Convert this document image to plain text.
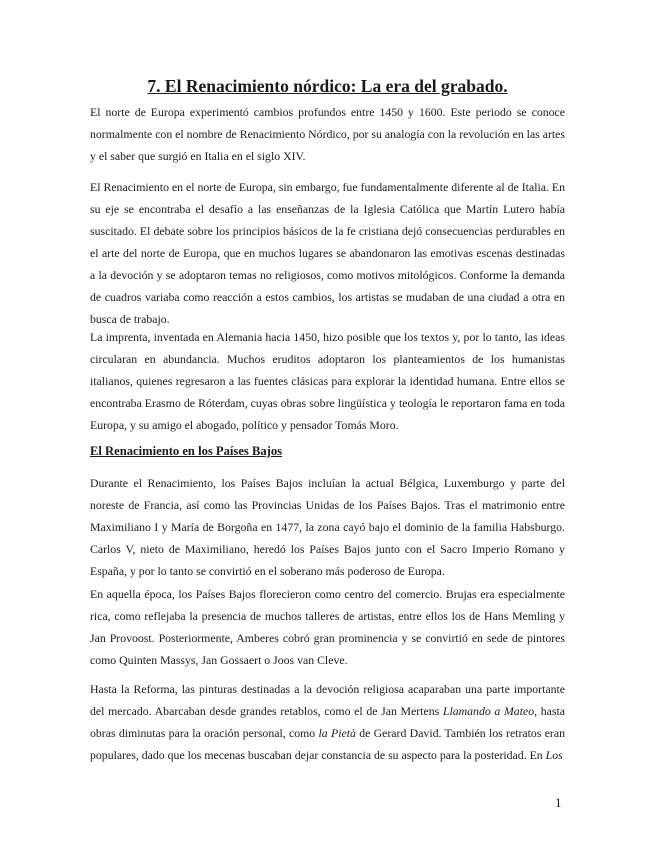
7. El Renacimiento nórdico: La era del grabado.

El norte de Europa experimentó cambios profundos entre 1450 y 1600. Este periodo se conoce normalmente con el nombre de Renacimiento Nórdico, por su analogía con la revolución en las artes y el saber que surgió en Italia en el siglo XIV.

El Renacimiento en el norte de Europa, sin embargo, fue fundamentalmente diferente al de Italia. En su eje se encontraba el desafío a las enseñanzas de la Iglesia Católica que Martín Lutero había suscitado. El debate sobre los principios básicos de la fe cristiana dejó consecuencias perdurables en el arte del norte de Europa, que en muchos lugares se abandonaron las emotivas escenas destinadas a la devoción y se adoptaron temas no religiosos, como motivos mitológicos. Conforme la demanda de cuadros variaba como reacción a estos cambios, los artistas se mudaban de una ciudad a otra en busca de trabajo.

La imprenta, inventada en Alemania hacia 1450, hizo posible que los textos y, por lo tanto, las ideas circularan en abundancia. Muchos eruditos adoptaron los planteamientos de los humanistas italianos, quienes regresaron a las fuentes clásicas para explorar la identidad humana. Entre ellos se encontraba Erasmo de Róterdam, cuyas obras sobre lingüística y teología le reportaron fama en toda Europa, y su amigo el abogado, político y pensador Tomás Moro.

El Renacimiento en los Países Bajos

Durante el Renacimiento, los Países Bajos incluían la actual Bélgica, Luxemburgo y parte del noreste de Francia, así como las Provincias Unidas de los Países Bajos. Tras el matrimonio entre Maximiliano I y María de Borgoña en 1477, la zona cayó bajo el dominio de la familia Habsburgo. Carlos V, nieto de Maximiliano, heredó los Países Bajos junto con el Sacro Imperio Romano y España, y por lo tanto se convirtió en el soberano más poderoso de Europa.

En aquella época, los Países Bajos florecieron como centro del comercio. Brujas era especialmente rica, como reflejaba la presencia de muchos talleres de artistas, entre ellos los de Hans Memling y Jan Provoost. Posteriormente, Amberes cobró gran prominencia y se convirtió en sede de pintores como Quinten Massys, Jan Gossaert o Joos van Cleve.

Hasta la Reforma, las pinturas destinadas a la devoción religiosa acaparaban una parte importante del mercado. Abarcaban desde grandes retablos, como el de Jan Mertens Llamando a Mateo, hasta obras diminutas para la oración personal, como la Pietà de Gerard David. También los retratos eran populares, dado que los mecenas buscaban dejar constancia de su aspecto para la posteridad. En Los

1
